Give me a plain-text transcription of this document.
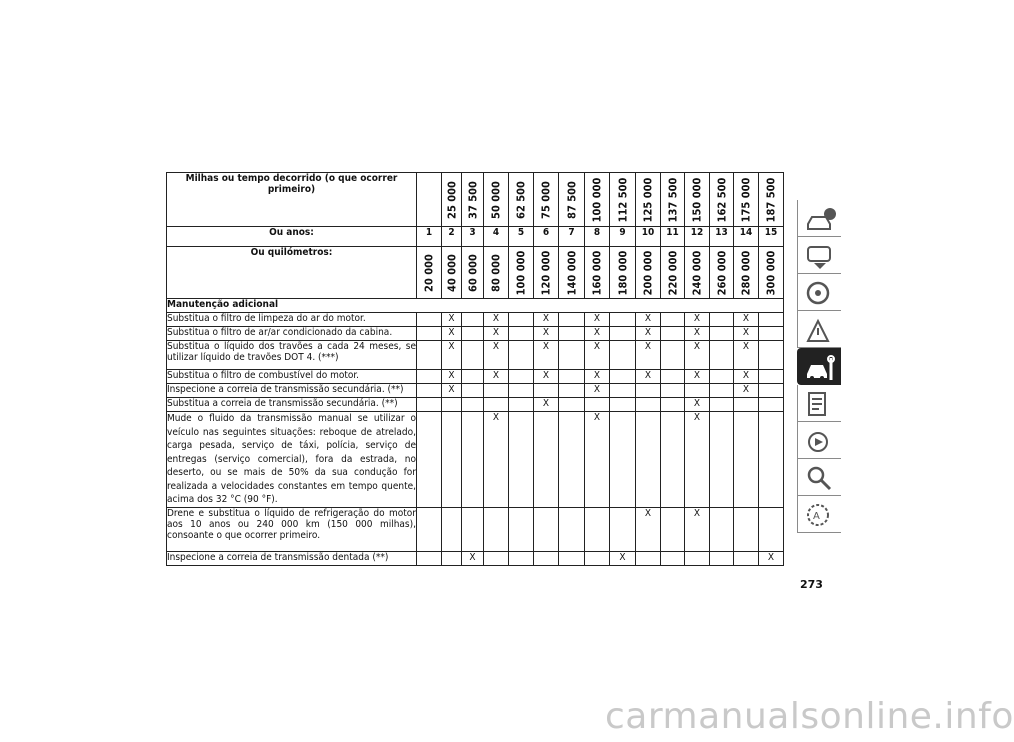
Milhas ou tempo decorrido (o que ocorrer primeiro)		25 000	37 500	50 000	62 500	75 000	87 500	100 000	112 500	125 000	137 500	150 000	162 500	175 000	187 500

Ou anos:	1	2	3	4	5	6	7	8	9	10	11	12	13	14	15
Ou quilómetros:	20 000	40 000	60 000	80 000	100 000	120 000	140 000	160 000	180 000	200 000	220 000	240 000	260 000	280 000	300 000

Manutenção adicional															
Substitua o filtro de limpeza do ar do motor.		X		X		X		X		X		X		X	
Substitua o filtro de ar/ar condicionado da cabina.		X		X		X		X		X		X		X	
Substitua o líquido dos travões a cada 24 meses, se utilizar líquido de travões DOT 4. (***)		X		X		X		X		X		X		X	
Substitua o filtro de combustível do motor.		X		X		X		X		X		X		X	
Inspecione a correia de transmissão secundária. (**)		X						X						X	
Substitua a correia de transmissão secundária. (**)						X						X			
Mude o fluido da transmissão manual se utilizar o veículo nas seguintes situações: reboque de atrelado, carga pesada, serviço de táxi, polícia, serviço de entregas (serviço comercial), fora da estrada, no deserto, ou se mais de 50% da sua condução for realizada a velocidades constantes em tempo quente, acima dos 32 °C (90 °F).				X				X				X			
Drene e substitua o líquido de refrigeração do motor aos 10 anos ou 240 000 km (150 000 milhas), consoante o que ocorrer primeiro.										X		X			
Inspecione a correia de transmissão dentada (**)			X						X						X
A
273
carmanualsonline.info
